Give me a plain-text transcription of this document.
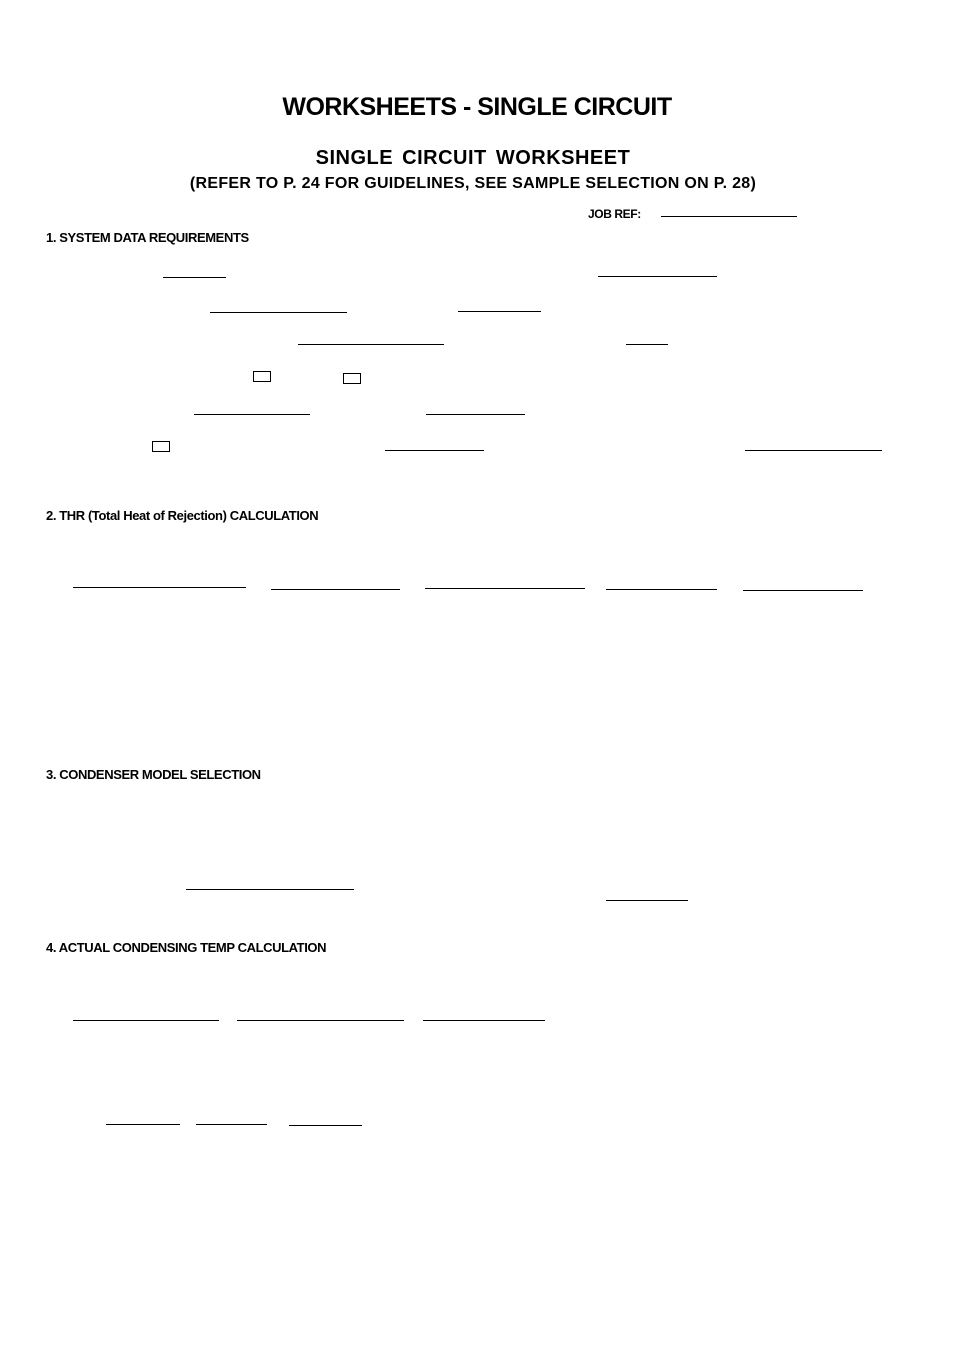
WORKSHEETS - SINGLE CIRCUIT
SINGLE CIRCUIT WORKSHEET
(REFER TO P. 24 FOR GUIDELINES, SEE SAMPLE SELECTION ON P. 28)
JOB REF:
1. SYSTEM DATA REQUIREMENTS
2. THR (Total Heat of Rejection) CALCULATION
3. CONDENSER MODEL SELECTION
4. ACTUAL CONDENSING TEMP CALCULATION
